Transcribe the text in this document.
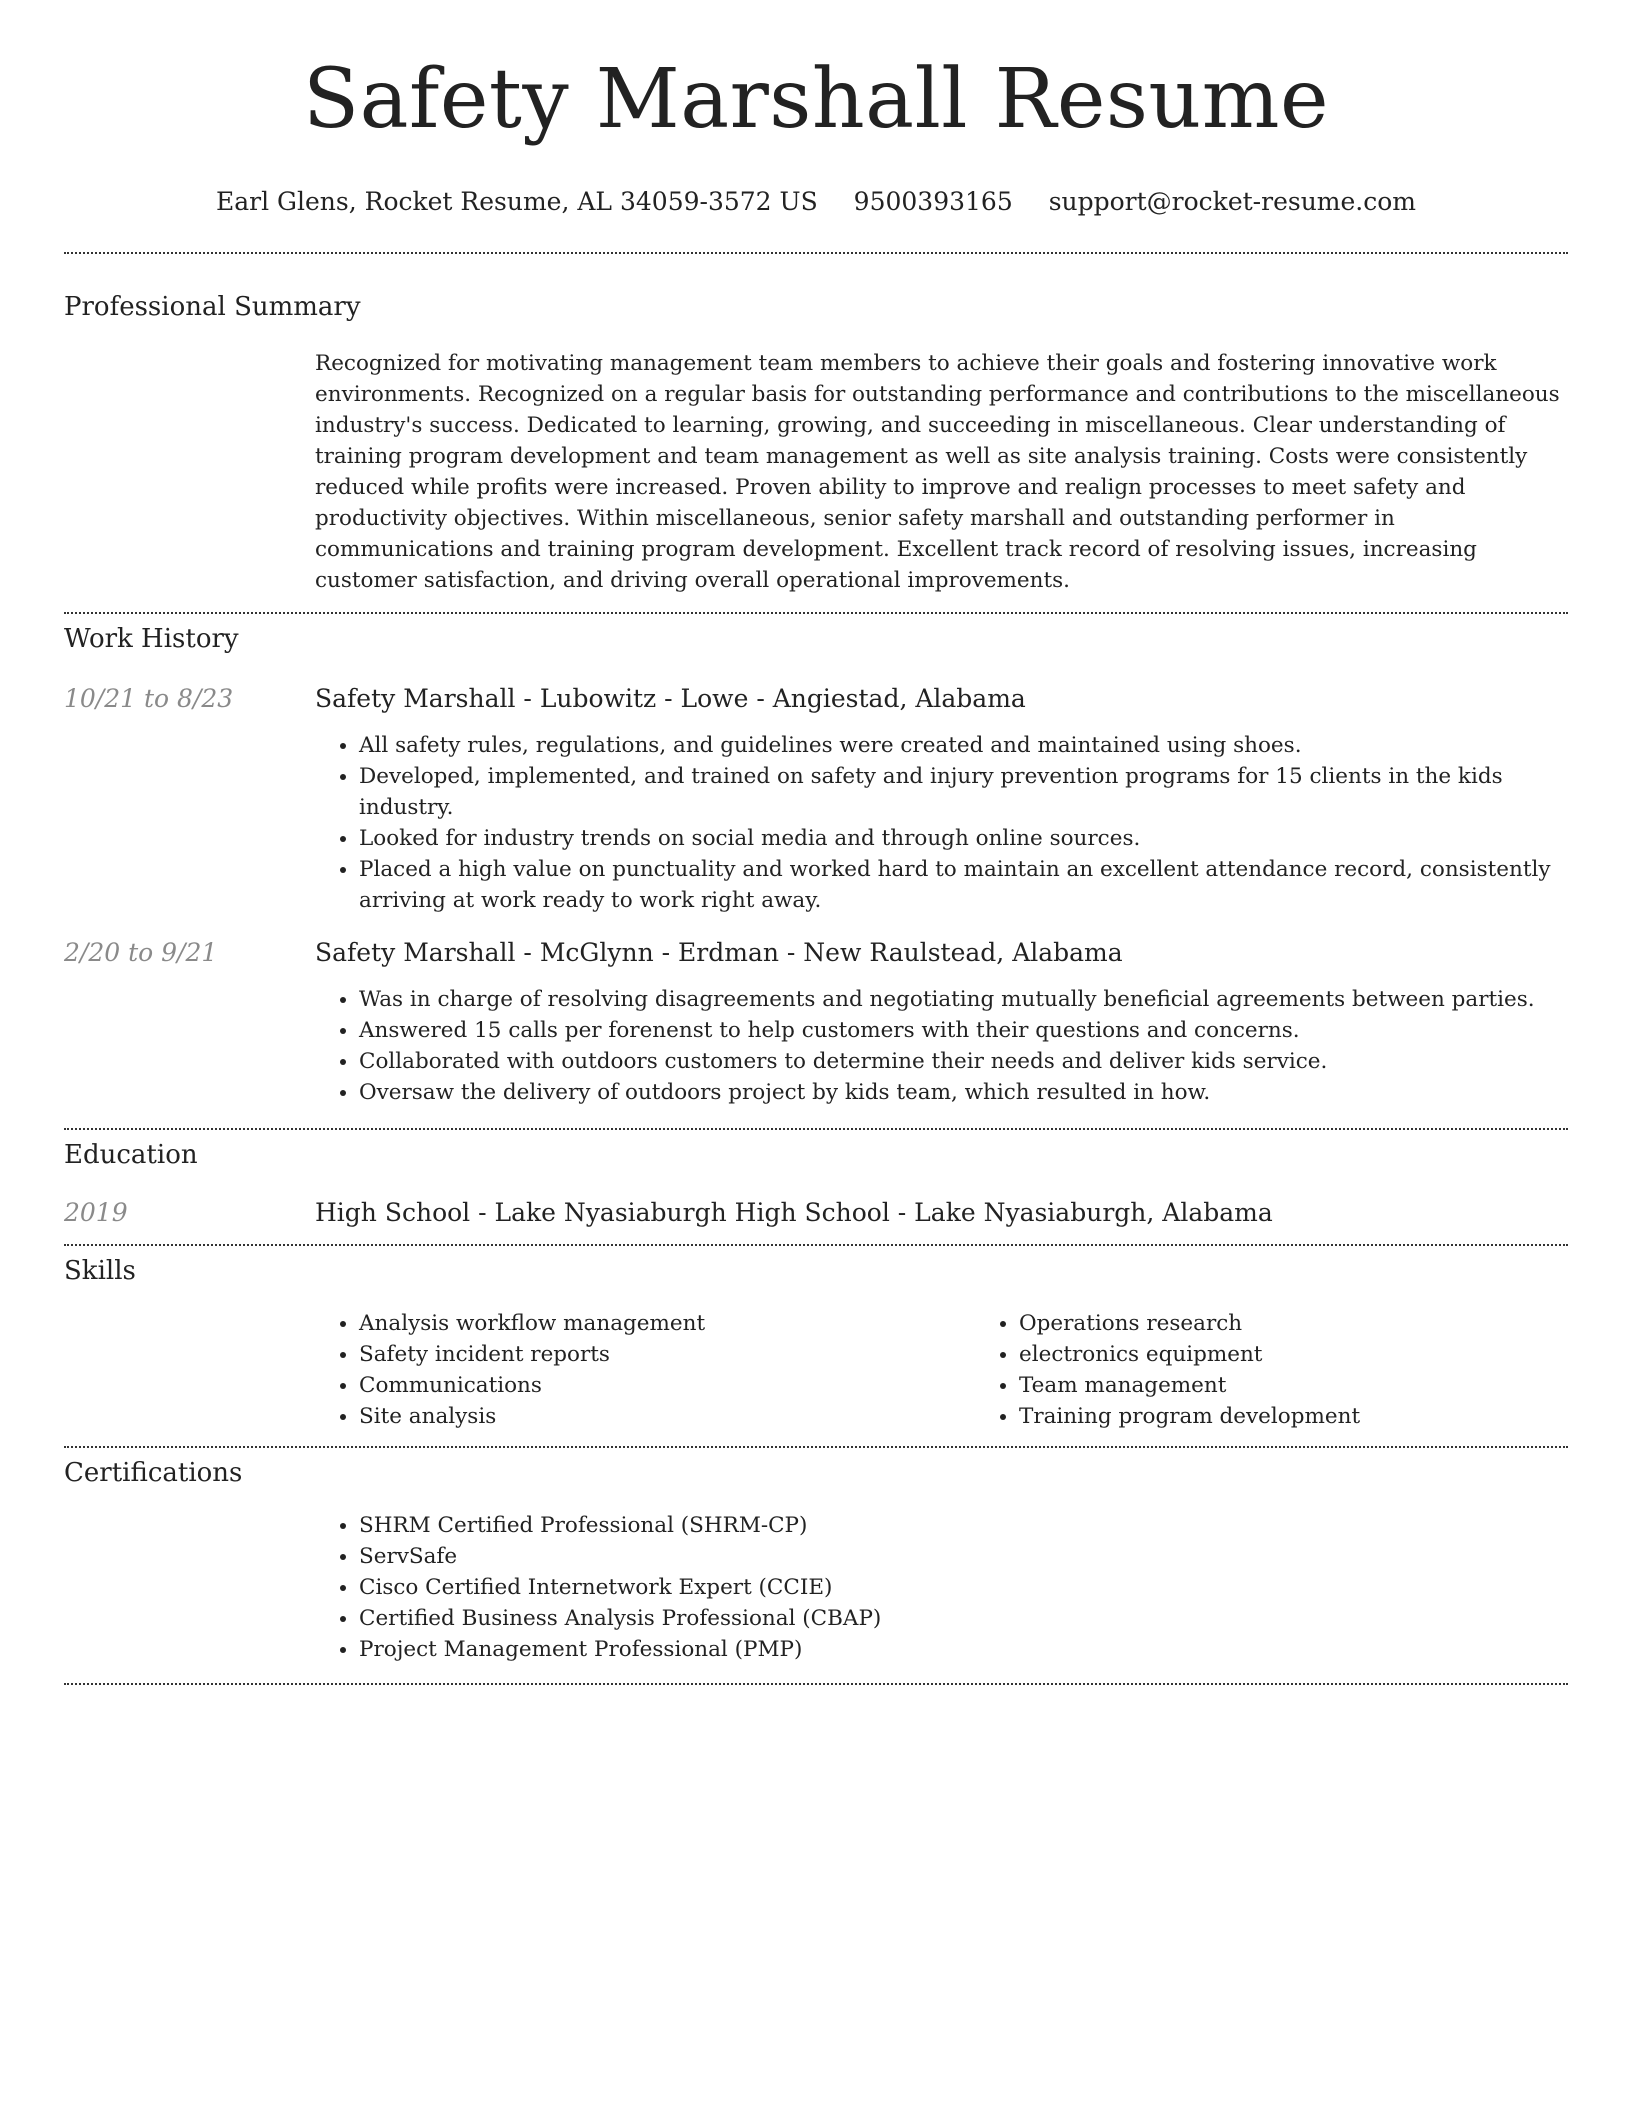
Safety Marshall Resume
Earl Glens, Rocket Resume, AL 34059-3572 US 9500393165 support@rocket-resume.com
Professional Summary

Recognized for motivating management team members to achieve their goals and fostering innovative work environments. Recognized on a regular basis for outstanding performance and contributions to the miscellaneous industry's success. Dedicated to learning, growing, and succeeding in miscellaneous. Clear understanding of training program development and team management as well as site analysis training. Costs were consistently reduced while profits were increased. Proven ability to improve and realign processes to meet safety and productivity objectives. Within miscellaneous, senior safety marshall and outstanding performer in communications and training program development. Excellent track record of resolving issues, increasing customer satisfaction, and driving overall operational improvements.

Work History
10/21 to 8/23	Safety Marshall - Lubowitz - Lowe - Angiestad, Alabama
• All safety rules, regulations, and guidelines were created and maintained using shoes.
• Developed, implemented, and trained on safety and injury prevention programs for 15 clients in the kids industry.
• Looked for industry trends on social media and through online sources.
• Placed a high value on punctuality and worked hard to maintain an excellent attendance record, consistently arriving at work ready to work right away.
2/20 to 9/21	Safety Marshall - McGlynn - Erdman - New Raulstead, Alabama
• Was in charge of resolving disagreements and negotiating mutually beneficial agreements between parties.
• Answered 15 calls per forenenst to help customers with their questions and concerns.
• Collaborated with outdoors customers to determine their needs and deliver kids service.
• Oversaw the delivery of outdoors project by kids team, which resulted in how.
Education
2019	High School - Lake Nyasiaburgh High School - Lake Nyasiaburgh, Alabama
Skills
• Analysis workflow management
• Safety incident reports
• Communications
• Site analysis
• Operations research
• electronics equipment
• Team management
• Training program development
Certifications
• SHRM Certified Professional (SHRM-CP)
• ServSafe
• Cisco Certified Internetwork Expert (CCIE)
• Certified Business Analysis Professional (CBAP)
• Project Management Professional (PMP)
